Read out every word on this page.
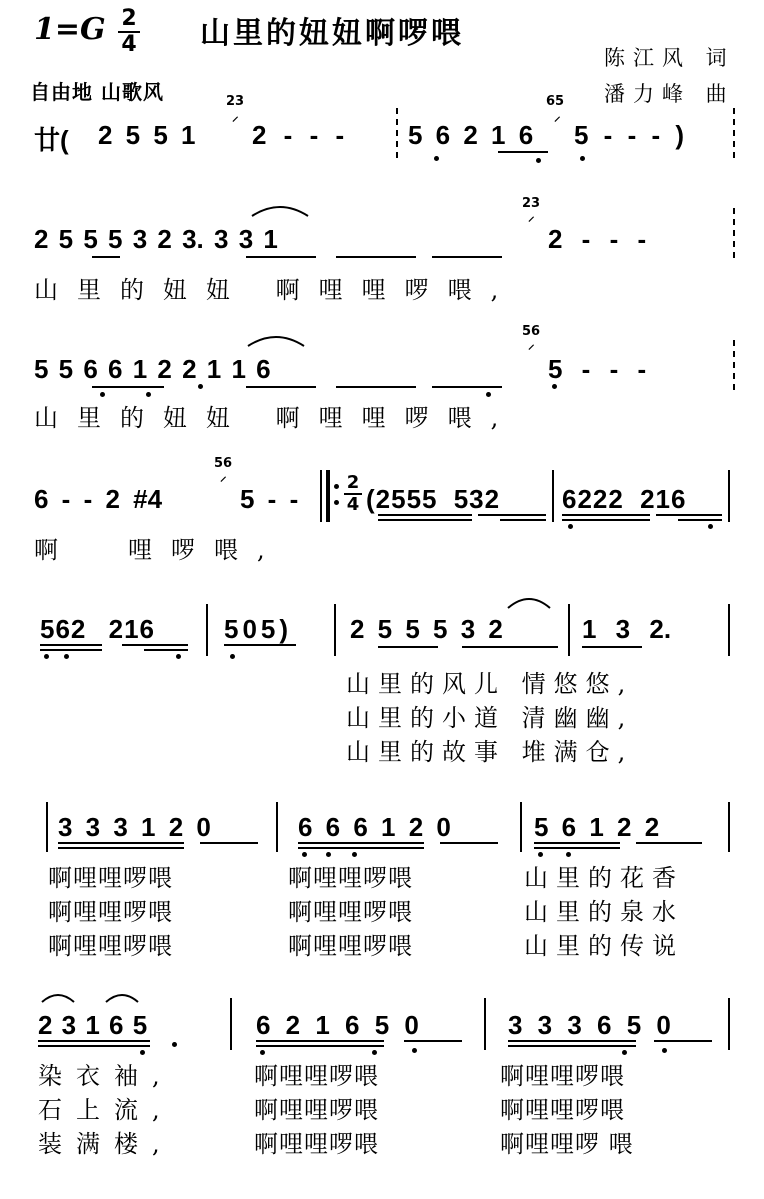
1=G 2
4 山里的妞妞啊啰喂
陈江风 词
潘力峰 曲
自由地 山歌风
廿( 2 5 5 1
23
⸍ 2 - - - 5 6 2 1 6
65
⸍ 5 - - - )
2 5 5 5 3 2 3. 3 3 1
23
⸍
2 - - -
山里的妞妞 啊哩哩啰喂,
5 5 6 6 1 2 2 1 1 6
56
⸍
5 - - -
山里的妞妞 啊哩哩啰喂,
6 - - 2 #4
56
⸍
5 - -
2
4 (2555 532 6222 216
啊	哩啰喂,
562 216	505) 2 5 5 5 3 2	1 3 2.
山里的风儿 情悠悠,
山里的小道 清幽幽,
山里的故事 堆满仓,
3 3 3 1 2 0	6 6 6 1 2 0	5 6 1 2 2
啊哩哩啰喂	啊哩哩啰喂	山里的花香
啊哩哩啰喂	啊哩哩啰喂	山里的泉水
啊哩哩啰喂	啊哩哩啰喂	山里的传说
2 3 1 6 5	6 2 1 6 5 0	3 3 3 6 5 0
染衣袖,	啊哩哩啰喂	啊哩哩啰喂
石上流,	啊哩哩啰喂	啊哩哩啰喂
装满楼,	啊哩哩啰喂	啊哩哩啰 喂
